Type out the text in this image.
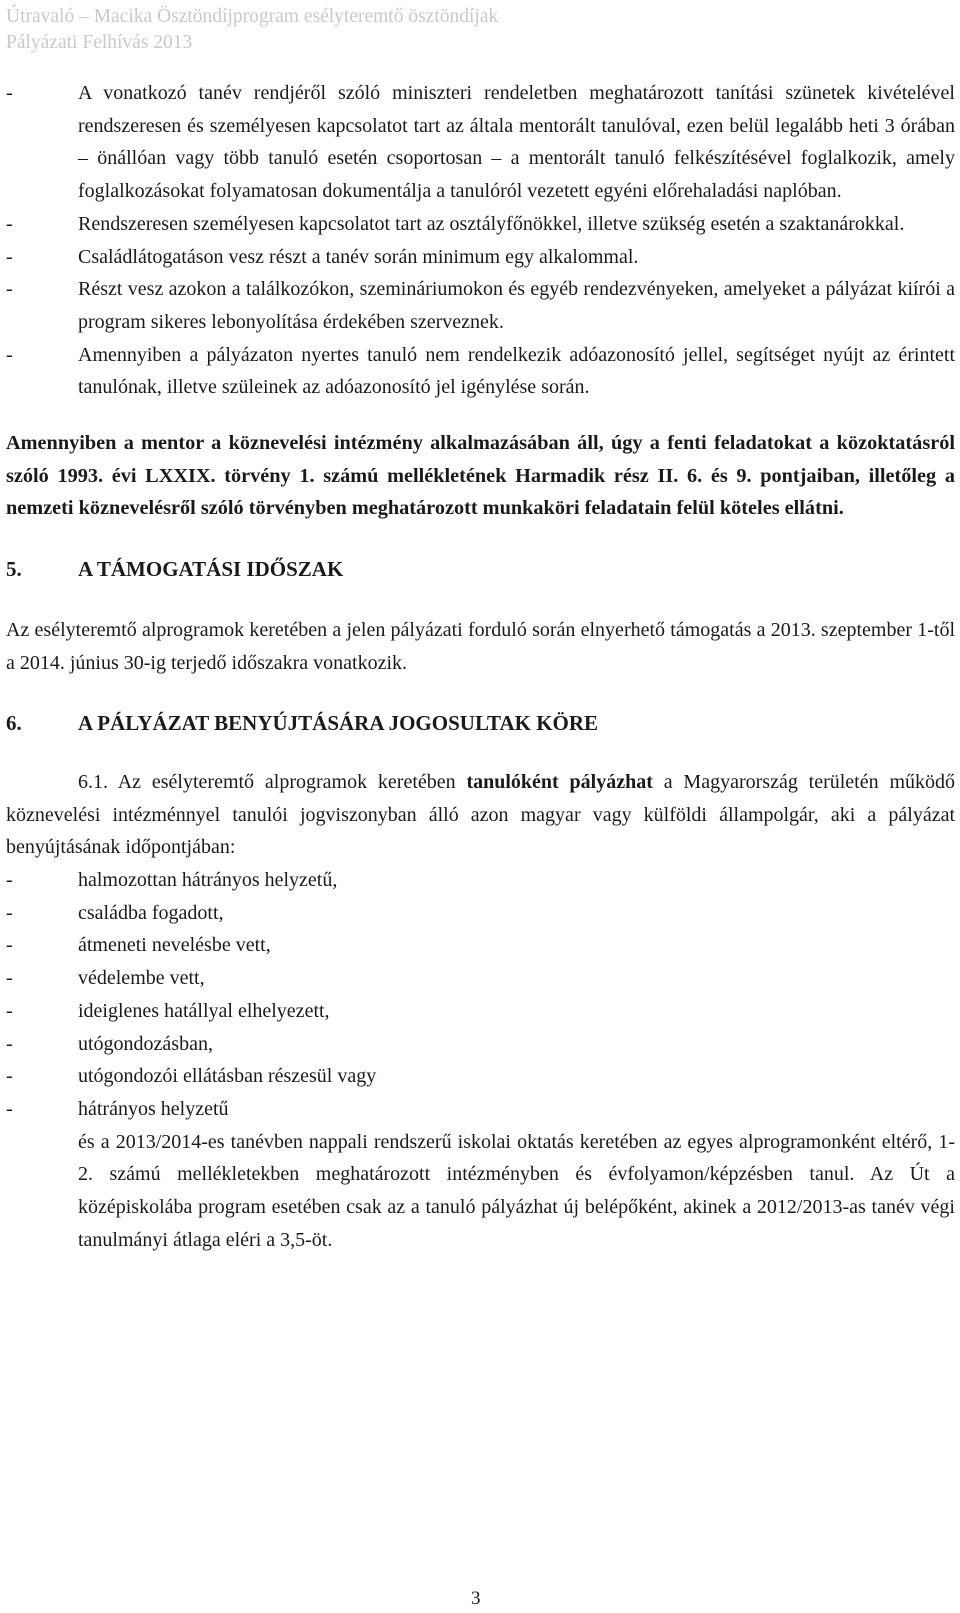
Útravaló – Macika Ösztöndíjprogram esélyteremtő ösztöndíjak
Pályázati Felhívás 2013
-	A vonatkozó tanév rendjéről szóló miniszteri rendeletben meghatározott tanítási szünetek kivételével rendszeresen és személyesen kapcsolatot tart az általa mentorált tanulóval, ezen belül legalább heti 3 órában – önállóan vagy több tanuló esetén csoportosan – a mentorált tanuló felkészítésével foglalkozik, amely foglalkozásokat folyamatosan dokumentálja a tanulóról vezetett egyéni előrehaladási naplóban.
-	Rendszeresen személyesen kapcsolatot tart az osztályfőnökkel, illetve szükség esetén a szaktanárokkal.
-	Családlátogatáson vesz részt a tanév során minimum egy alkalommal.
-	Részt vesz azokon a találkozókon, szemináriumokon és egyéb rendezvényeken, amelyeket a pályázat kiírói a program sikeres lebonyolítása érdekében szerveznek.
-	Amennyiben a pályázaton nyertes tanuló nem rendelkezik adóazonosító jellel, segítséget nyújt az érintett tanulónak, illetve szüleinek az adóazonosító jel igénylése során.
Amennyiben a mentor a köznevelési intézmény alkalmazásában áll, úgy a fenti feladatokat a közoktatásról szóló 1993. évi LXXIX. törvény 1. számú mellékletének Harmadik rész II. 6. és 9. pontjaiban, illetőleg a nemzeti köznevelésről szóló törvényben meghatározott munkaköri feladatain felül köteles ellátni.
5.	A TÁMOGATÁSI IDŐSZAK
Az esélyteremtő alprogramok keretében a jelen pályázati forduló során elnyerhető támogatás a 2013. szeptember 1-től a 2014. június 30-ig terjedő időszakra vonatkozik.
6.	A PÁLYÁZAT BENYÚJTÁSÁRA JOGOSULTAK KÖRE
6.1. Az esélyteremtő alprogramok keretében tanulóként pályázhat a Magyarország területén működő köznevelési intézménnyel tanulói jogviszonyban álló azon magyar vagy külföldi állampolgár, aki a pályázat benyújtásának időpontjában:
-	halmozottan hátrányos helyzetű,
-	családba fogadott,
-	átmeneti nevelésbe vett,
-	védelembe vett,
-	ideiglenes hatállyal elhelyezett,
-	utógondozásban,
-	utógondozói ellátásban részesül vagy
-	hátrányos helyzetű
és a 2013/2014-es tanévben nappali rendszerű iskolai oktatás keretében az egyes alprogramonként eltérő, 1-2. számú mellékletekben meghatározott intézményben és évfolyamon/képzésben tanul. Az Út a középiskolába program esetében csak az a tanuló pályázhat új belépőként, akinek a 2012/2013-as tanév végi tanulmányi átlaga eléri a 3,5-öt.
3
